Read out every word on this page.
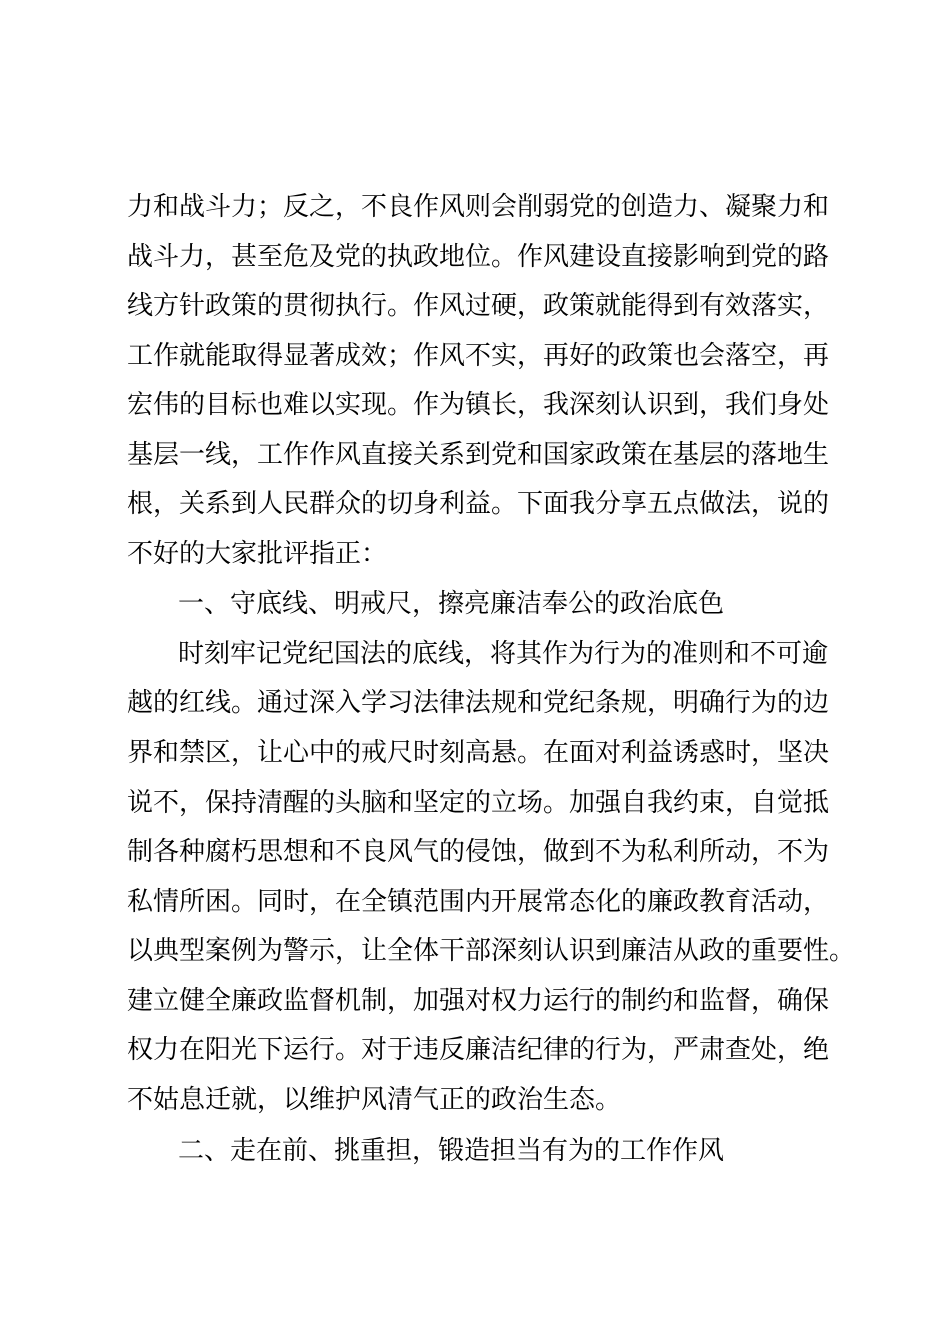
力和战斗力；反之，不良作风则会削弱党的创造力、凝聚力和
战斗力，甚至危及党的执政地位。作风建设直接影响到党的路
线方针政策的贯彻执行。作风过硬，政策就能得到有效落实，
工作就能取得显著成效；作风不实，再好的政策也会落空，再
宏伟的目标也难以实现。作为镇长，我深刻认识到，我们身处
基层一线，工作作风直接关系到党和国家政策在基层的落地生
根，关系到人民群众的切身利益。下面我分享五点做法，说的
不好的大家批评指正：
一、守底线、明戒尺，擦亮廉洁奉公的政治底色
时刻牢记党纪国法的底线，将其作为行为的准则和不可逾
越的红线。通过深入学习法律法规和党纪条规，明确行为的边
界和禁区，让心中的戒尺时刻高悬。在面对利益诱惑时，坚决
说不，保持清醒的头脑和坚定的立场。加强自我约束，自觉抵
制各种腐朽思想和不良风气的侵蚀，做到不为私利所动，不为
私情所困。同时，在全镇范围内开展常态化的廉政教育活动，
以典型案例为警示，让全体干部深刻认识到廉洁从政的重要性。
建立健全廉政监督机制，加强对权力运行的制约和监督，确保
权力在阳光下运行。对于违反廉洁纪律的行为，严肃查处，绝
不姑息迁就，以维护风清气正的政治生态。
二、走在前、挑重担，锻造担当有为的工作作风
